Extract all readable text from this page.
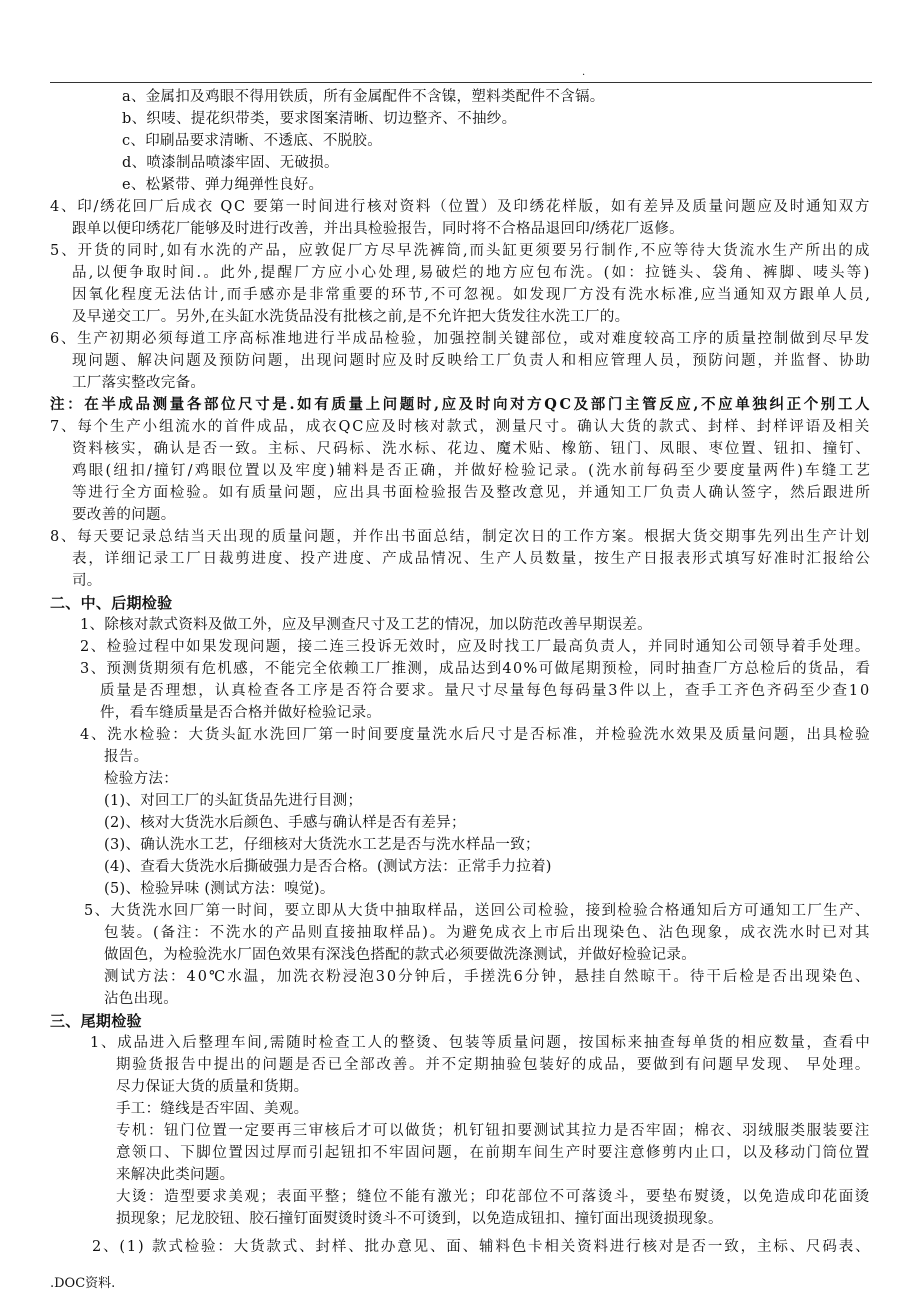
.
a、金属扣及鸡眼不得用铁质，所有金属配件不含镍，塑料类配件不含镉。
b、织唛、提花织带类，要求图案清晰、切边整齐、不抽纱。
c、印刷品要求清晰、不透底、不脱胶。
d、喷漆制品喷漆牢固、无破损。
e、松紧带、弹力绳弹性良好。
4、印/绣花回厂后成衣 QC 要第一时间进行核对资料（位置）及印绣花样版，如有差异及质量问题应及时通知双方
跟单以便印绣花厂能够及时进行改善，并出具检验报告，同时将不合格品退回印/绣花厂返修。
5、开货的同时,如有水洗的产品，应敦促厂方尽早洗裤筒,而头缸更须要另行制作,不应等待大货流水生产所出的成
品,以便争取时间.。此外,提醒厂方应小心处理,易破烂的地方应包布洗。(如：拉链头、袋角、裤脚、唛头等)
因氧化程度无法估计,而手感亦是非常重要的环节,不可忽视。如发现厂方没有洗水标准,应当通知双方跟单人员,
及早递交工厂。另外,在头缸水洗货品没有批核之前,是不允许把大货发往水洗工厂的。
6、生产初期必须每道工序高标准地进行半成品检验，加强控制关键部位，或对难度较高工序的质量控制做到尽早发
现问题、解决问题及预防问题，出现问题时应及时反映给工厂负责人和相应管理人员，预防问题，并监督、协助
工厂落实整改完备。
注：在半成品测量各部位尺寸是.如有质量上问题时,应及时向对方QC及部门主管反应,不应单独纠正个别工人
7、每个生产小组流水的首件成品，成衣QC应及时核对款式，测量尺寸。确认大货的款式、封样、封样评语及相关
资料核实，确认是否一致。主标、尺码标、洗水标、花边、魔术贴、橡筋、钮门、凤眼、枣位置、钮扣、撞钉、
鸡眼(纽扣/撞钉/鸡眼位置以及牢度)辅料是否正确，并做好检验记录。(洗水前每码至少要度量两件)车缝工艺
等进行全方面检验。如有质量问题，应出具书面检验报告及整改意见，并通知工厂负责人确认签字，然后跟进所
要改善的问题。
8、每天要记录总结当天出现的质量问题，并作出书面总结，制定次日的工作方案。根据大货交期事先列出生产计划
表，详细记录工厂日裁剪进度、投产进度、产成品情况、生产人员数量，按生产日报表形式填写好准时汇报给公
司。
二、中、后期检验
1、除核对款式资料及做工外，应及早测查尺寸及工艺的情况，加以防范改善早期误差。
2、检验过程中如果发现问题，接二连三投诉无效时，应及时找工厂最高负责人，并同时通知公司领导着手处理。
3、预测货期须有危机感，不能完全依赖工厂推测，成品达到40%可做尾期预检，同时抽查厂方总检后的货品，看
质量是否理想，认真检查各工序是否符合要求。量尺寸尽量每色每码量3件以上，查手工齐色齐码至少查10
件，看车缝质量是否合格并做好检验记录。
4、洗水检验：大货头缸水洗回厂第一时间要度量洗水后尺寸是否标准，并检验洗水效果及质量问题，出具检验
报告。
检验方法：
(1)、对回工厂的头缸货品先进行目测；
(2)、核对大货洗水后颜色、手感与确认样是否有差异；
(3)、确认洗水工艺，仔细核对大货洗水工艺是否与洗水样品一致；
(4)、查看大货洗水后撕破强力是否合格。(测试方法：正常手力拉着)
(5)、检验异味 (测试方法：嗅觉)。
5、大货洗水回厂第一时间，要立即从大货中抽取样品，送回公司检验，接到检验合格通知后方可通知工厂生产、
包装。(备注：不洗水的产品则直接抽取样品)。为避免成衣上市后出现染色、沾色现象，成衣洗水时已对其
做固色，为检验洗水厂固色效果有深浅色搭配的款式必须要做洗涤测试，并做好检验记录。
测试方法：40℃水温，加洗衣粉浸泡30分钟后，手搓洗6分钟，悬挂自然晾干。待干后检是否出现染色、
沾色出现。
三、尾期检验
1、成品进入后整理车间,需随时检查工人的整烫、包装等质量问题，按国标来抽查每单货的相应数量，查看中
期验货报告中提出的问题是否已全部改善。并不定期抽验包装好的成品，要做到有问题早发现、 早处理。
尽力保证大货的质量和货期。
手工：缝线是否牢固、美观。
专机：钮门位置一定要再三审核后才可以做货；机钉钮扣要测试其拉力是否牢固；棉衣、羽绒服类服装要注
意领口、下脚位置因过厚而引起钮扣不牢固问题，在前期车间生产时要注意修剪内止口，以及移动门筒位置
来解决此类问题。
大烫：造型要求美观；表面平整；缝位不能有激光；印花部位不可落烫斗，要垫布熨烫，以免造成印花面烫
损现象；尼龙胶钮、胶石撞钉面熨烫时烫斗不可烫到，以免造成钮扣、撞钉面出现烫损现象。
2、(1) 款式检验：大货款式、封样、批办意见、面、辅料色卡相关资料进行核对是否一致，主标、尺码表、
.DOC资料.
